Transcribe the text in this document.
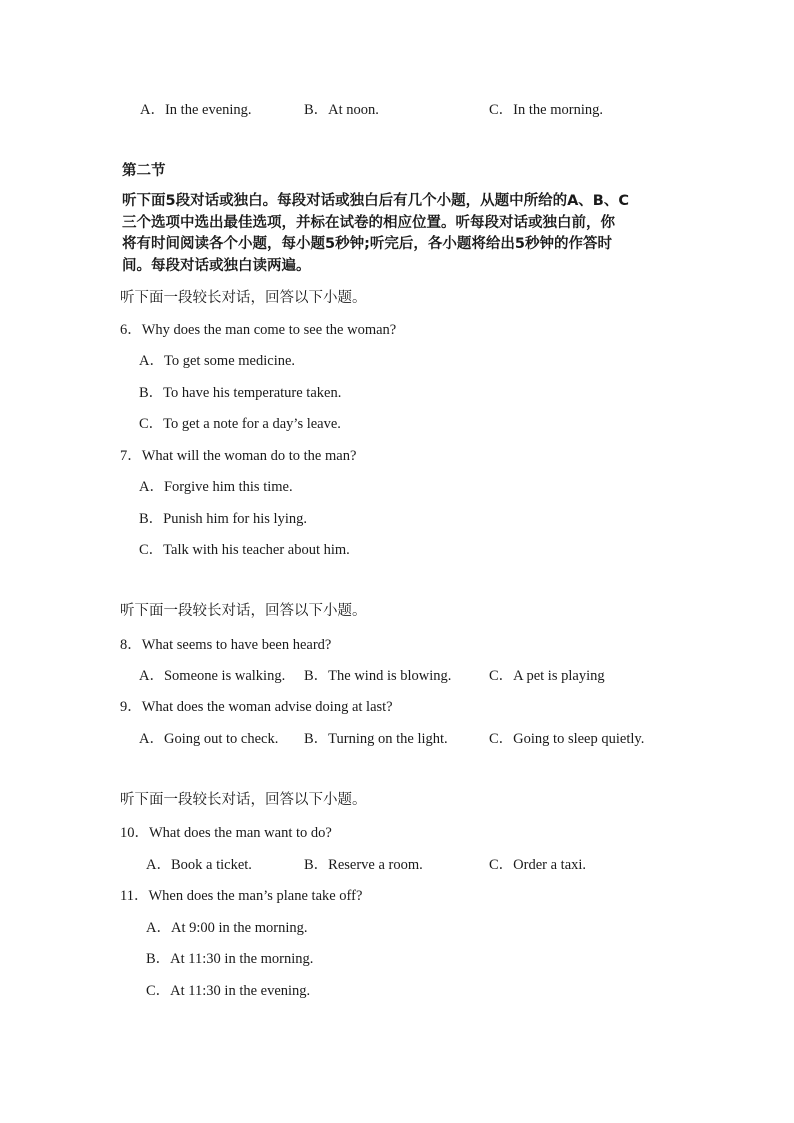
A．In the evening.	B．At noon.	C．In the morning.
第二节
听下面5段对话或独白。每段对话或独白后有几个小题，从题中所给的A、B、C
三个选项中选出最佳选项，并标在试卷的相应位置。听每段对话或独白前，你
将有时间阅读各个小题，每小题5秒钟;听完后，各小题将给出5秒钟的作答时
间。每段对话或独白读两遍。
听下面一段较长对话，回答以下小题。
6．Why does the man come to see the woman?
A．To get some medicine.
B．To have his temperature taken.
C．To get a note for a day’s leave.
7．What will the woman do to the man?
A．Forgive him this time.
B．Punish him for his lying.
C．Talk with his teacher about him.
听下面一段较长对话，回答以下小题。
8．What seems to have been heard?
A．Someone is walking. B．The wind is blowing.	C．A pet is playing
9．What does the woman advise doing at last?
A．Going out to check. B．Turning on the light.	C．Going to sleep quietly.
听下面一段较长对话，回答以下小题。
10．What does the man want to do?
A．Book a ticket.	B．Reserve a room.	C．Order a taxi.
11．When does the man’s plane take off?
A．At 9:00 in the morning.
B．At 11:30 in the morning.
C．At 11:30 in the evening.
